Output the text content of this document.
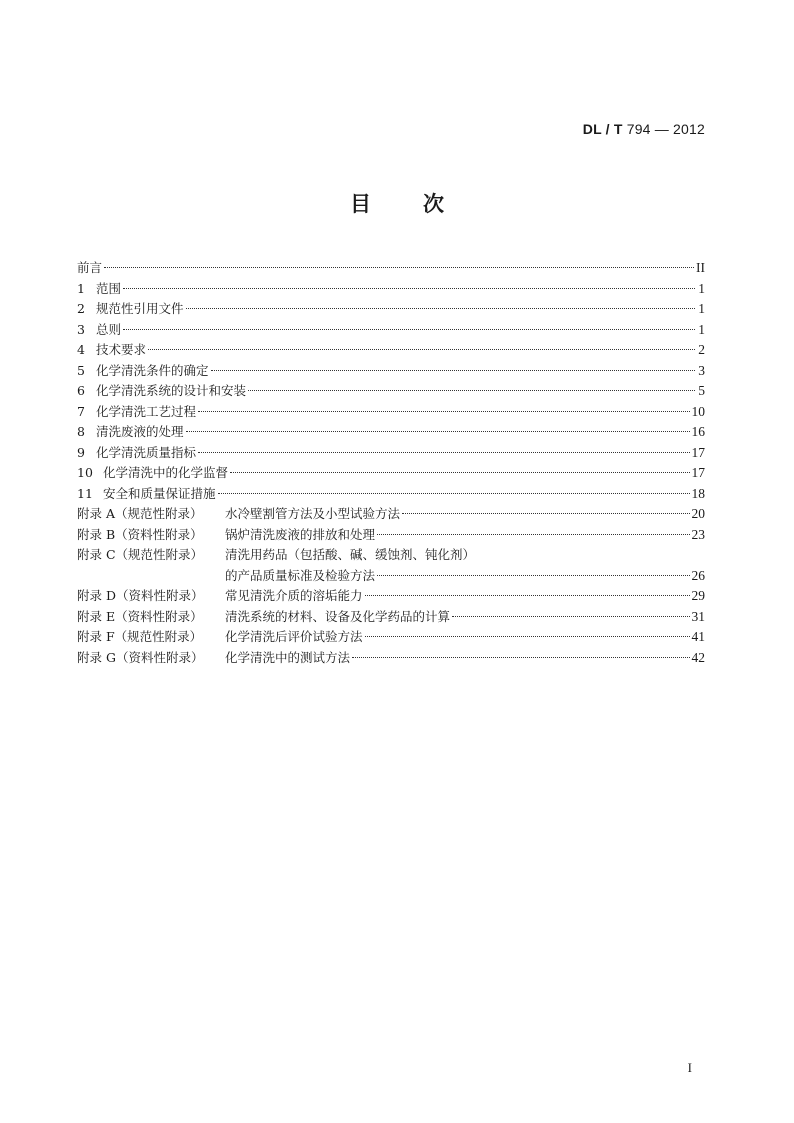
DL / T 794 — 2012
目 次
前言	II
1 范围	1
2 规范性引用文件	1
3 总则	1
4 技术要求	2
5 化学清洗条件的确定	3
6 化学清洗系统的设计和安装	5
7 化学清洗工艺过程	10
8 清洗废液的处理	16
9 化学清洗质量指标	17
10 化学清洗中的化学监督	17
11 安全和质量保证措施	18
附录 A（规范性附录）	水冷壁割管方法及小型试验方法	20
附录 B（资料性附录）	锅炉清洗废液的排放和处理	23
附录 C（规范性附录）	清洗用药品（包括酸、碱、缓蚀剂、钝化剂）
的产品质量标准及检验方法	26
附录 D（资料性附录）	常见清洗介质的溶垢能力	29
附录 E（资料性附录）	清洗系统的材料、设备及化学药品的计算	31
附录 F（规范性附录）	化学清洗后评价试验方法	41
附录 G（资料性附录）	化学清洗中的测试方法	42
I
